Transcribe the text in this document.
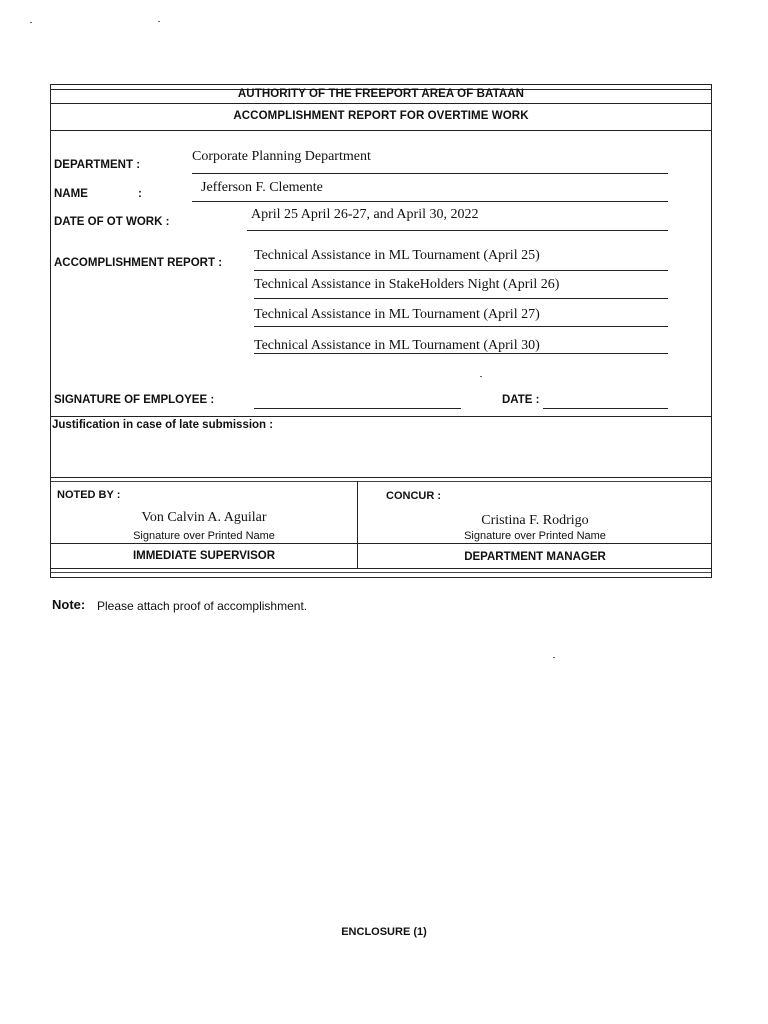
AUTHORITY OF THE FREEPORT AREA OF BATAAN
ACCOMPLISHMENT REPORT FOR OVERTIME WORK
DEPARTMENT :
Corporate Planning Department
NAME	:	Jefferson F. Clemente
DATE OF OT WORK :	April 25 April 26-27, and April 30, 2022
ACCOMPLISHMENT REPORT : Technical Assistance in ML Tournament (April 25)
Technical Assistance in StakeHolders Night (April 26)
Technical Assistance in ML Tournament (April 27)
Technical Assistance in ML Tournament (April 30)
SIGNATURE OF EMPLOYEE :	DATE :
Justification in case of late submission :
NOTED BY :	CONCUR :
Von Calvin A. Aguilar
Signature over Printed Name
Cristina F. Rodrigo
Signature over Printed Name
IMMEDIATE SUPERVISOR	DEPARTMENT MANAGER
Note: Please attach proof of accomplishment.
ENCLOSURE (1)
